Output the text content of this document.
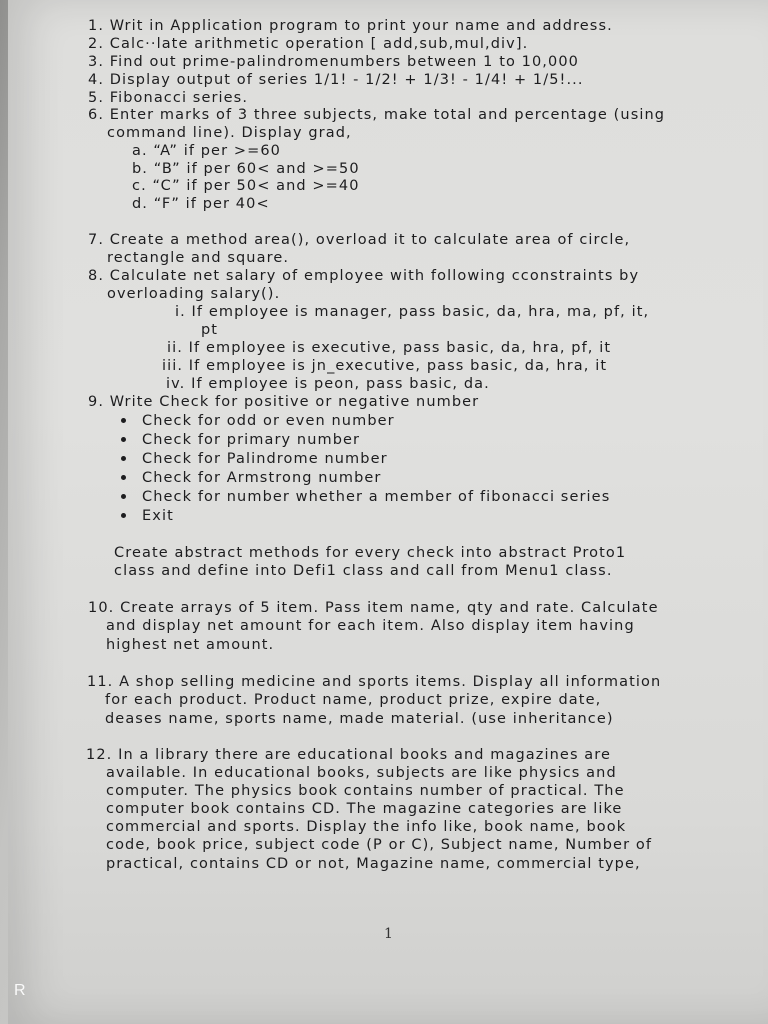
1. Writ in Application program to print your name and address.
2. Calc··late arithmetic operation [ add,sub,mul,div].
3. Find out prime-palindromenumbers between 1 to 10,000
4. Display output of series 1/1! - 1/2! + 1/3! - 1/4! + 1/5!...
5. Fibonacci series.
6. Enter marks of 3 three subjects, make total and percentage (using
command line). Display grad,
a. “A” if per >=60
b. “B” if per 60< and >=50
c. “C” if per 50< and >=40
d. “F” if per 40<
7. Create a method area(), overload it to calculate area of circle,
rectangle and square.
8. Calculate net salary of employee with following cconstraints by
overloading salary().
i. If employee is manager, pass basic, da, hra, ma, pf, it,
pt
ii. If employee is executive, pass basic, da, hra, pf, it
iii. If employee is jn_executive, pass basic, da, hra, it
iv. If employee is peon, pass basic, da.
9. Write Check for positive or negative number
Check for odd or even number
Check for primary number
Check for Palindrome number
Check for Armstrong number
Check for number whether a member of fibonacci series
Exit
Create abstract methods for every check into abstract Proto1
class and define into Defi1 class and call from Menu1 class.
10. Create arrays of 5 item. Pass item name, qty and rate. Calculate
and display net amount for each item. Also display item having
highest net amount.
11. A shop selling medicine and sports items. Display all information
for each product. Product name, product prize, expire date,
deases name, sports name, made material. (use inheritance)
12. In a library there are educational books and magazines are
available. In educational books, subjects are like physics and
computer. The physics book contains number of practical. The
computer book contains CD. The magazine categories are like
commercial and sports. Display the info like, book name, book
code, book price, subject code (P or C), Subject name, Number of
practical, contains CD or not, Magazine name, commercial type,
1
R
